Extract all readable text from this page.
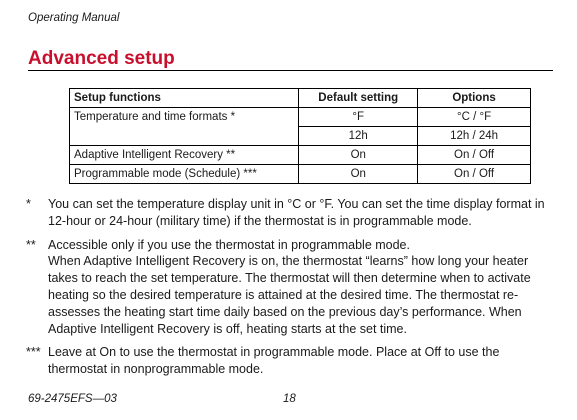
Operating Manual
Advanced setup
Setup functions	Default setting	Options
Temperature and time formats *	°F	°C / °F
	12h	12h / 24h
Adaptive Intelligent Recovery **	On	On / Off
Programmable mode (Schedule) ***	On	On / Off
*	You can set the temperature display unit in °C or °F. You can set the time display format in 12-hour or 24-hour (military time) if the thermostat is in programmable mode.

** Accessible only if you use the thermostat in programmable mode.

When Adaptive Intelligent Recovery is on, the thermostat “learns” how long your heater takes to reach the set temperature. The thermostat will then determine when to activate heating so the desired temperature is attained at the desired time. The thermostat re-assesses the heating start time daily based on the previous day’s performance. When Adaptive Intelligent Recovery is off, heating starts at the set time.

*** Leave at On to use the thermostat in programmable mode. Place at Off to use the thermostat in nonprogrammable mode.

69-2475EFS—03	18
